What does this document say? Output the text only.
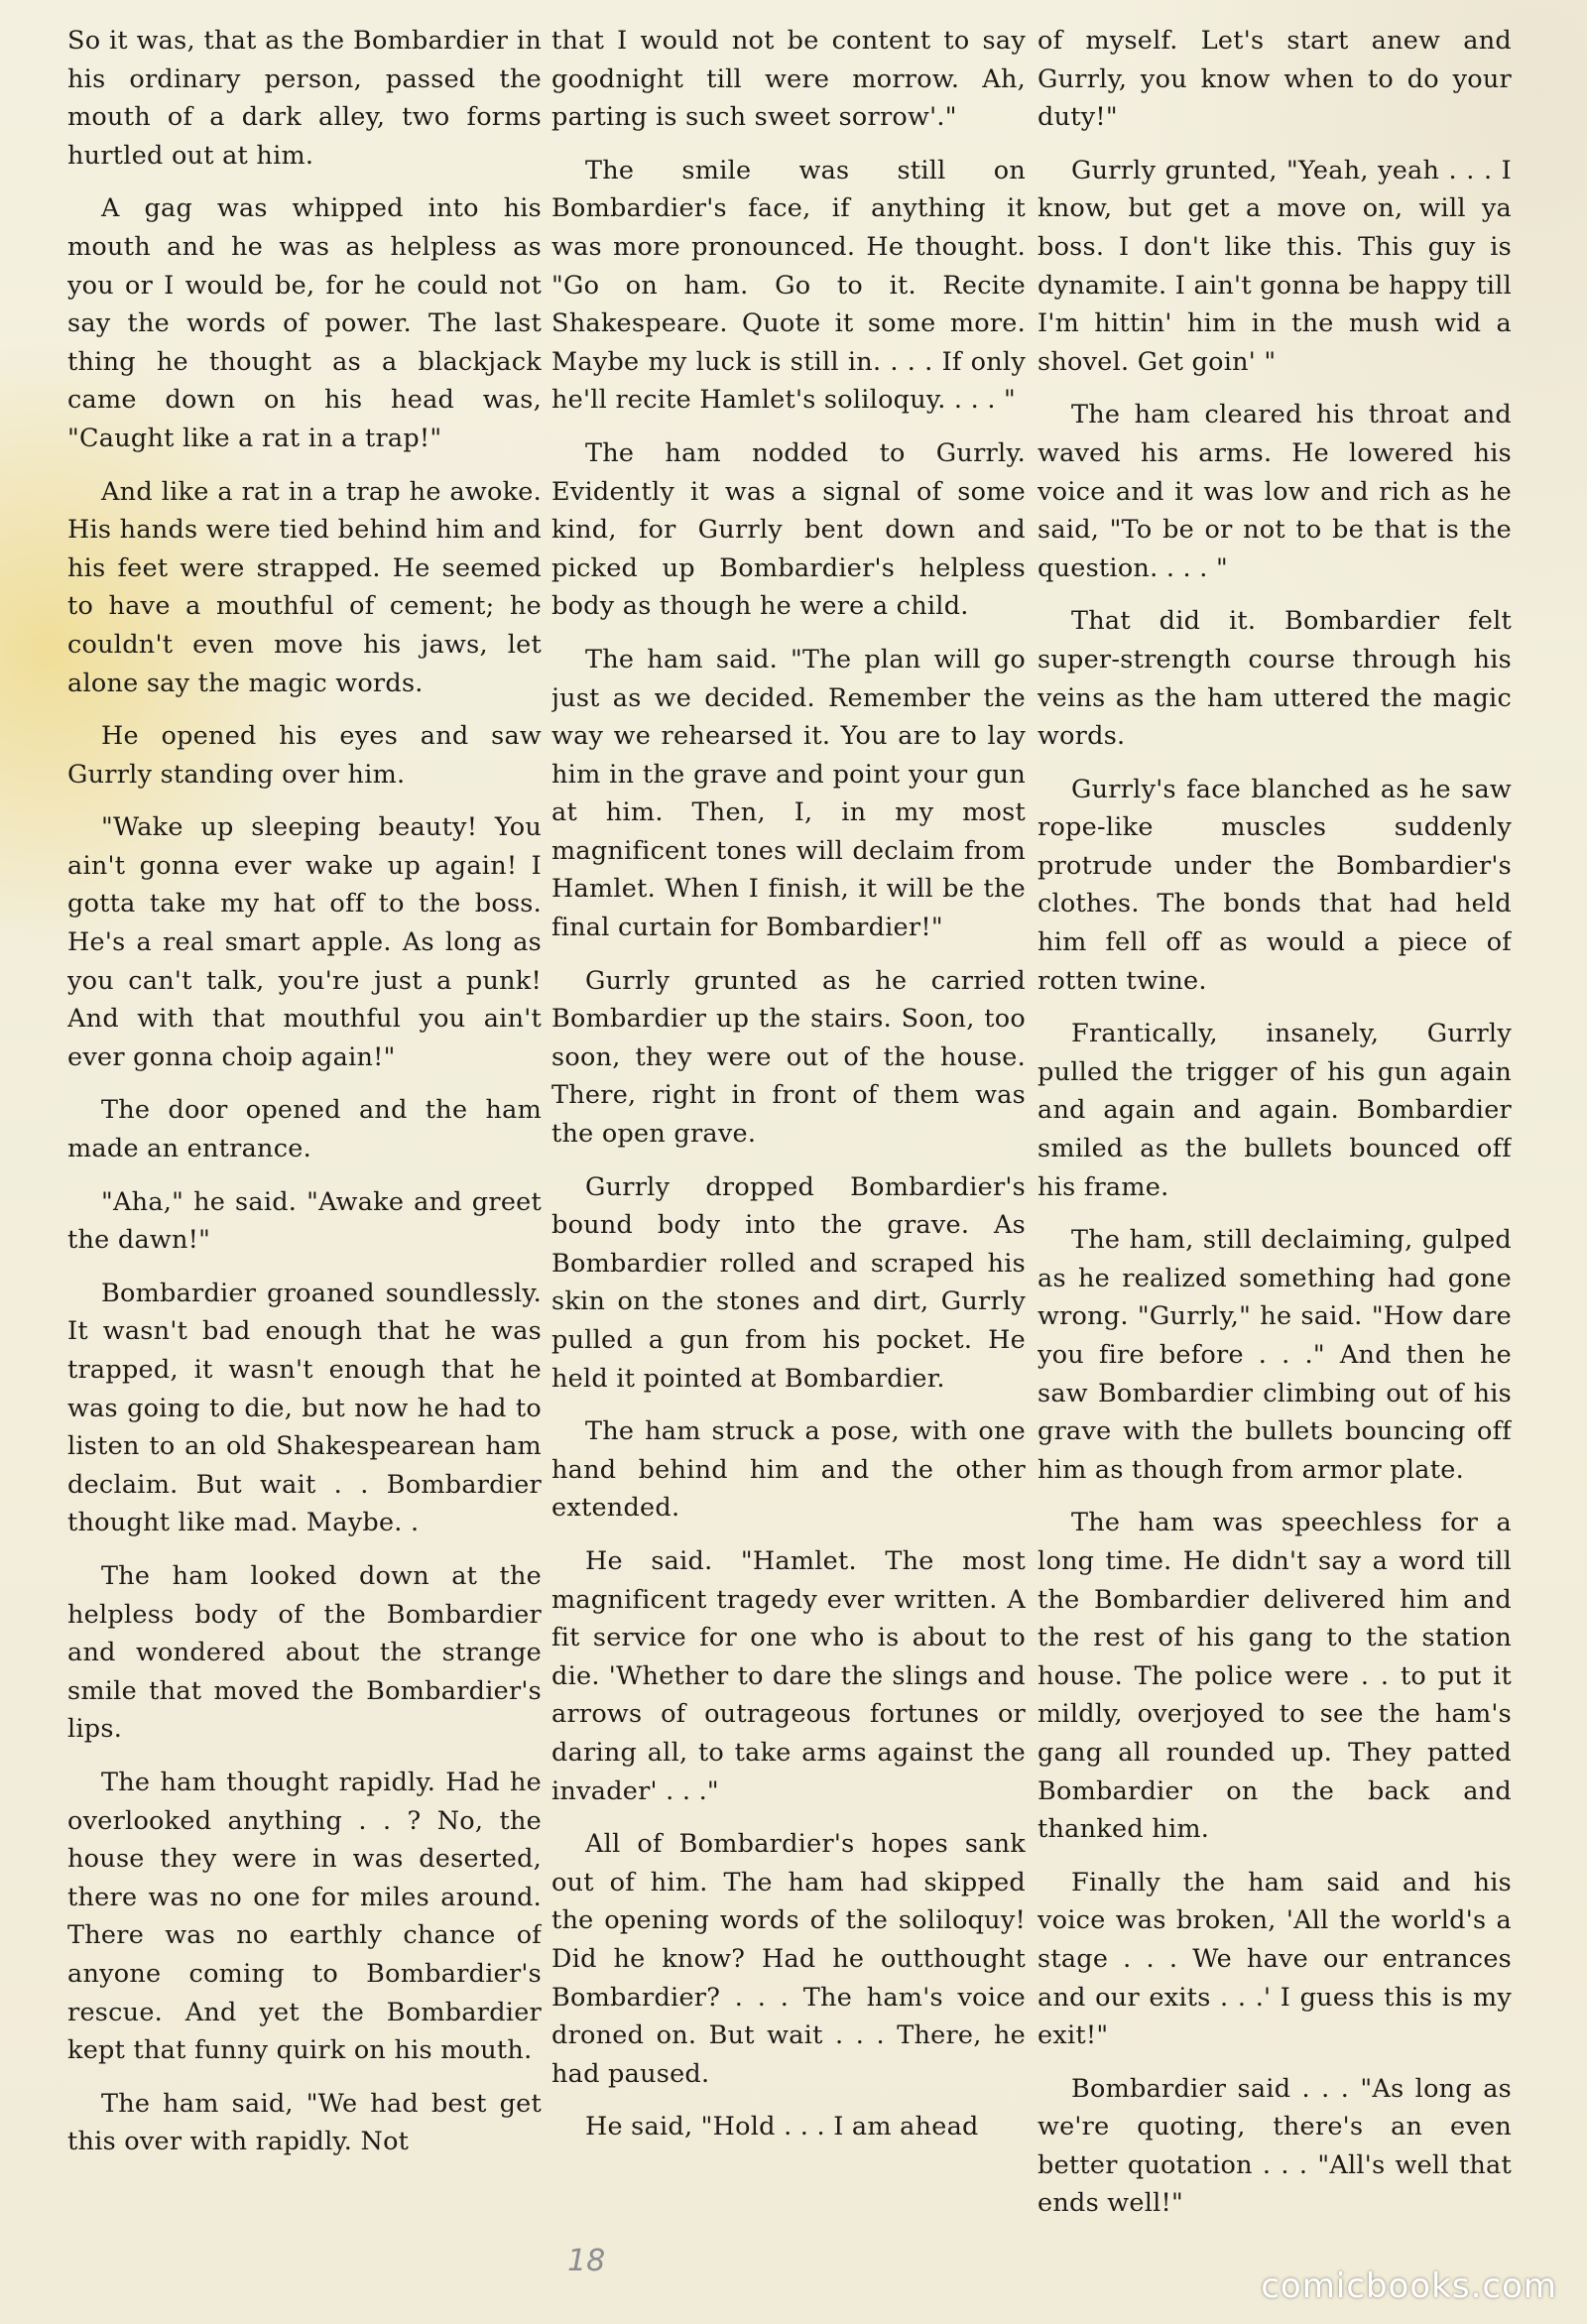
So it was, that as the Bombardier in his ordinary person, passed the mouth of a dark alley, two forms hurtled out at him.

A gag was whipped into his mouth and he was as helpless as you or I would be, for he could not say the words of power. The last thing he thought as a blackjack came down on his head was, "Caught like a rat in a trap!"

And like a rat in a trap he awoke. His hands were tied behind him and his feet were strapped. He seemed to have a mouthful of cement; he couldn't even move his jaws, let alone say the magic words.

He opened his eyes and saw Gurrly standing over him.

"Wake up sleeping beauty! You ain't gonna ever wake up again! I gotta take my hat off to the boss. He's a real smart apple. As long as you can't talk, you're just a punk! And with that mouthful you ain't ever gonna choip again!"

The door opened and the ham made an entrance.

"Aha," he said. "Awake and greet the dawn!"

Bombardier groaned soundlessly. It wasn't bad enough that he was trapped, it wasn't enough that he was going to die, but now he had to listen to an old Shakespearean ham declaim. But wait . . Bombardier thought like mad. Maybe. .

The ham looked down at the helpless body of the Bombardier and wondered about the strange smile that moved the Bombardier's lips.

The ham thought rapidly. Had he overlooked anything . . ? No, the house they were in was deserted, there was no one for miles around. There was no earthly chance of anyone coming to Bombardier's rescue. And yet the Bombardier kept that funny quirk on his mouth.

The ham said, "We had best get this over with rapidly. Not

that I would not be content to say goodnight till were morrow. Ah, parting is such sweet sorrow'."

The smile was still on Bombardier's face, if anything it was more pronounced. He thought. "Go on ham. Go to it. Recite Shakespeare. Quote it some more. Maybe my luck is still in. . . . If only he'll recite Hamlet's soliloquy. . . . "

The ham nodded to Gurrly. Evidently it was a signal of some kind, for Gurrly bent down and picked up Bombardier's helpless body as though he were a child.

The ham said. "The plan will go just as we decided. Remember the way we rehearsed it. You are to lay him in the grave and point your gun at him. Then, I, in my most magnificent tones will declaim from Hamlet. When I finish, it will be the final curtain for Bombardier!"

Gurrly grunted as he carried Bombardier up the stairs. Soon, too soon, they were out of the house. There, right in front of them was the open grave.

Gurrly dropped Bombardier's bound body into the grave. As Bombardier rolled and scraped his skin on the stones and dirt, Gurrly pulled a gun from his pocket. He held it pointed at Bombardier.

The ham struck a pose, with one hand behind him and the other extended.

He said. "Hamlet. The most magnificent tragedy ever written. A fit service for one who is about to die. 'Whether to dare the slings and arrows of outrageous fortunes or daring all, to take arms against the invader' . . ."

All of Bombardier's hopes sank out of him. The ham had skipped the opening words of the soliloquy! Did he know? Had he outthought Bombardier? . . . The ham's voice droned on. But wait . . . There, he had paused.

He said, "Hold . . . I am ahead

of myself. Let's start anew and Gurrly, you know when to do your duty!"

Gurrly grunted, "Yeah, yeah . . . I know, but get a move on, will ya boss. I don't like this. This guy is dynamite. I ain't gonna be happy till I'm hittin' him in the mush wid a shovel. Get goin' "

The ham cleared his throat and waved his arms. He lowered his voice and it was low and rich as he said, "To be or not to be that is the question. . . . "

That did it. Bombardier felt super-strength course through his veins as the ham uttered the magic words.

Gurrly's face blanched as he saw rope-like muscles suddenly protrude under the Bombardier's clothes. The bonds that had held him fell off as would a piece of rotten twine.

Frantically, insanely, Gurrly pulled the trigger of his gun again and again and again. Bombardier smiled as the bullets bounced off his frame.

The ham, still declaiming, gulped as he realized something had gone wrong. "Gurrly," he said. "How dare you fire before . . ." And then he saw Bombardier climbing out of his grave with the bullets bouncing off him as though from armor plate.

The ham was speechless for a long time. He didn't say a word till the Bombardier delivered him and the rest of his gang to the station house. The police were . . to put it mildly, overjoyed to see the ham's gang all rounded up. They patted Bombardier on the back and thanked him.

Finally the ham said and his voice was broken, 'All the world's a stage . . . We have our entrances and our exits . . .' I guess this is my exit!"

Bombardier said . . . "As long as we're quoting, there's an even better quotation . . . "All's well that ends well!"

18
comicbooks.com
